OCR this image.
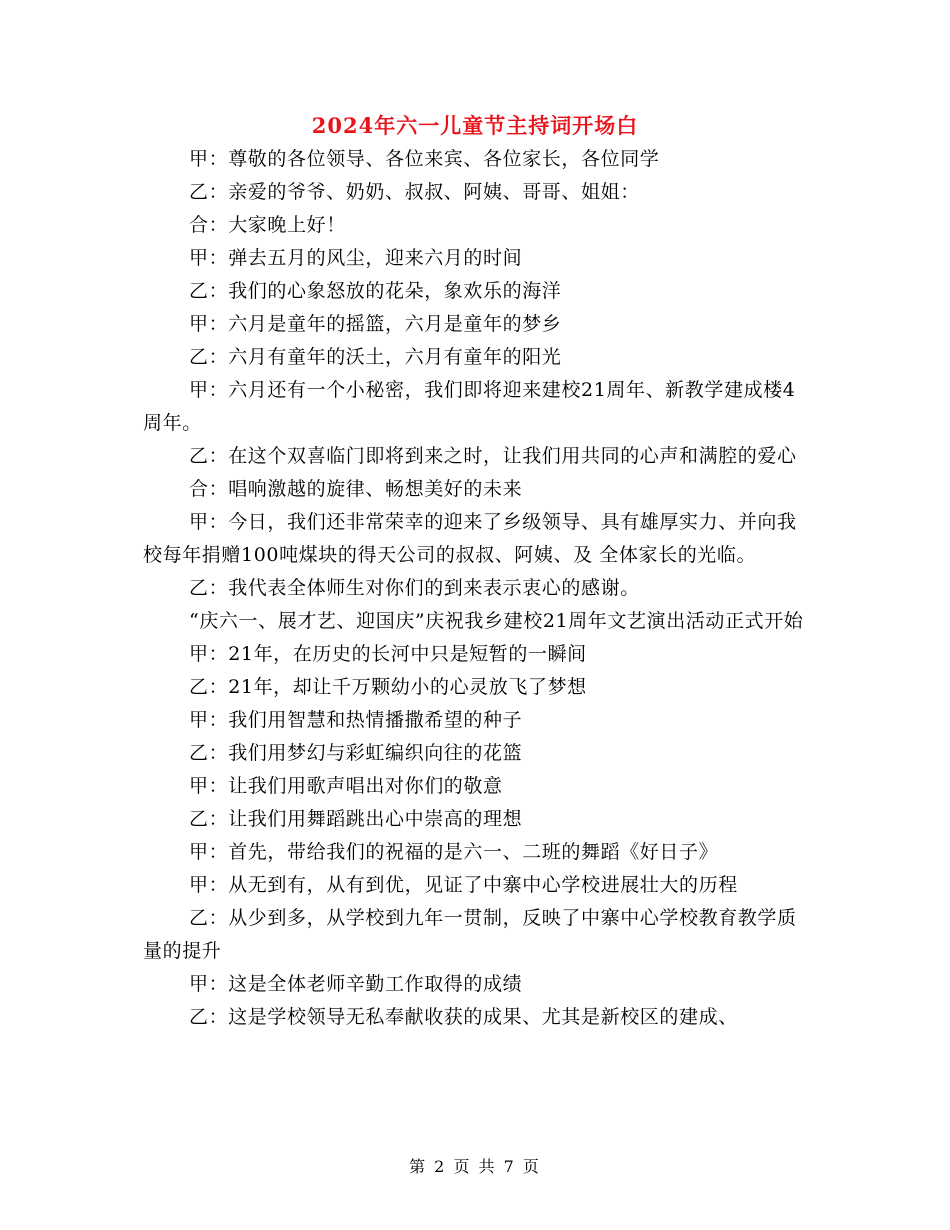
2024年六一儿童节主持词开场白

甲：尊敬的各位领导、各位来宾、各位家长，各位同学

乙：亲爱的爷爷、奶奶、叔叔、阿姨、哥哥、姐姐：

合：大家晚上好！

甲：弹去五月的风尘，迎来六月的时间

乙：我们的心象怒放的花朵，象欢乐的海洋

甲：六月是童年的摇篮，六月是童年的梦乡

乙：六月有童年的沃土，六月有童年的阳光

甲：六月还有一个小秘密，我们即将迎来建校21周年、新教学建成楼4周年。

乙：在这个双喜临门即将到来之时，让我们用共同的心声和满腔的爱心

合：唱响激越的旋律、畅想美好的未来

甲：今日，我们还非常荣幸的迎来了乡级领导、具有雄厚实力、并向我校每年捐赠100吨煤块的得天公司的叔叔、阿姨、及 全体家长的光临。

乙：我代表全体师生对你们的到来表示衷心的感谢。

“庆六一、展才艺、迎国庆”庆祝我乡建校21周年文艺演出活动正式开始

甲：21年，在历史的长河中只是短暂的一瞬间

乙：21年，却让千万颗幼小的心灵放飞了梦想

甲：我们用智慧和热情播撒希望的种子

乙：我们用梦幻与彩虹编织向往的花篮

甲：让我们用歌声唱出对你们的敬意

乙：让我们用舞蹈跳出心中崇高的理想

甲：首先，带给我们的祝福的是六一、二班的舞蹈《好日子》

甲：从无到有，从有到优，见证了中寨中心学校进展壮大的历程

乙：从少到多，从学校到九年一贯制，反映了中寨中心学校教育教学质量的提升

甲：这是全体老师辛勤工作取得的成绩

乙：这是学校领导无私奉献收获的成果、尤其是新校区的建成、

第 2 页 共 7 页
